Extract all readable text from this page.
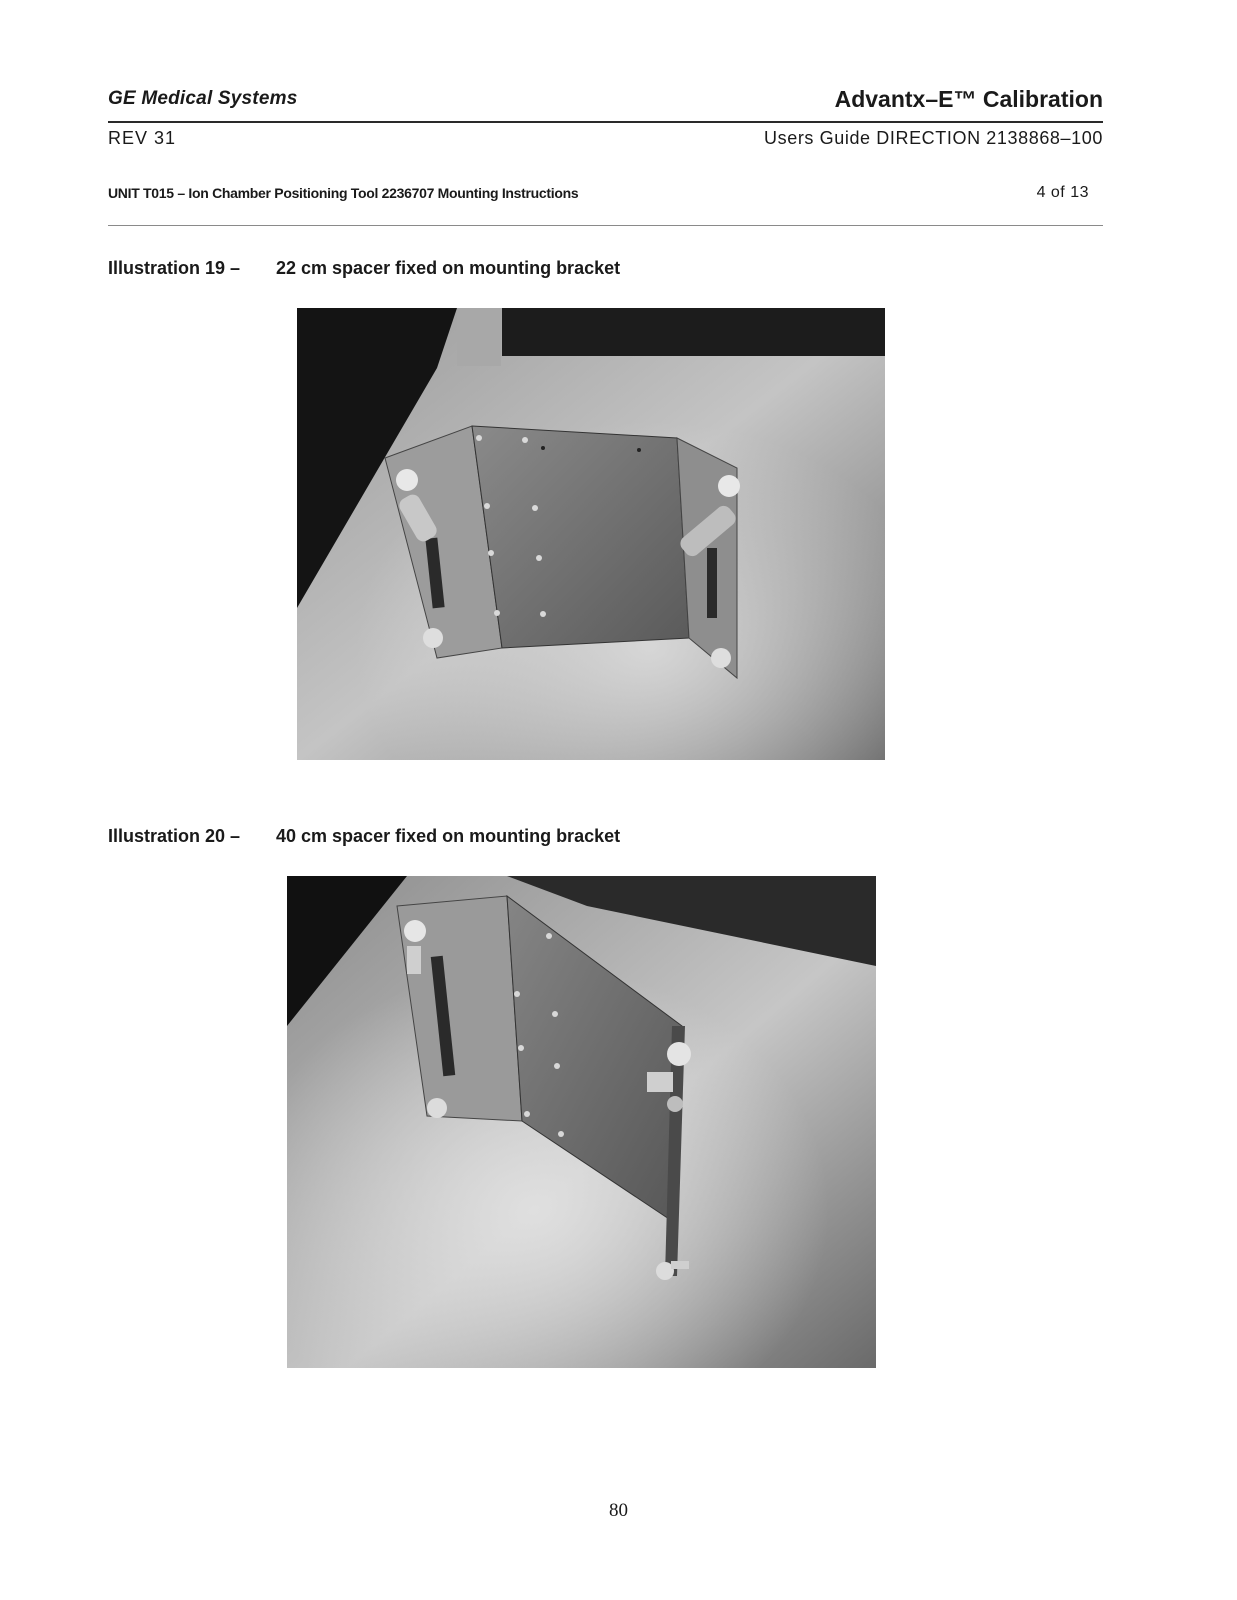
GE Medical Systems	Advantx–E™ Calibration
REV 31	Users Guide DIRECTION 2138868–100
UNIT T015 – Ion Chamber Positioning Tool 2236707 Mounting Instructions	4 of 13
Illustration 19 – 22 cm spacer fixed on mounting bracket
Illustration 20 – 40 cm spacer fixed on mounting bracket
80
